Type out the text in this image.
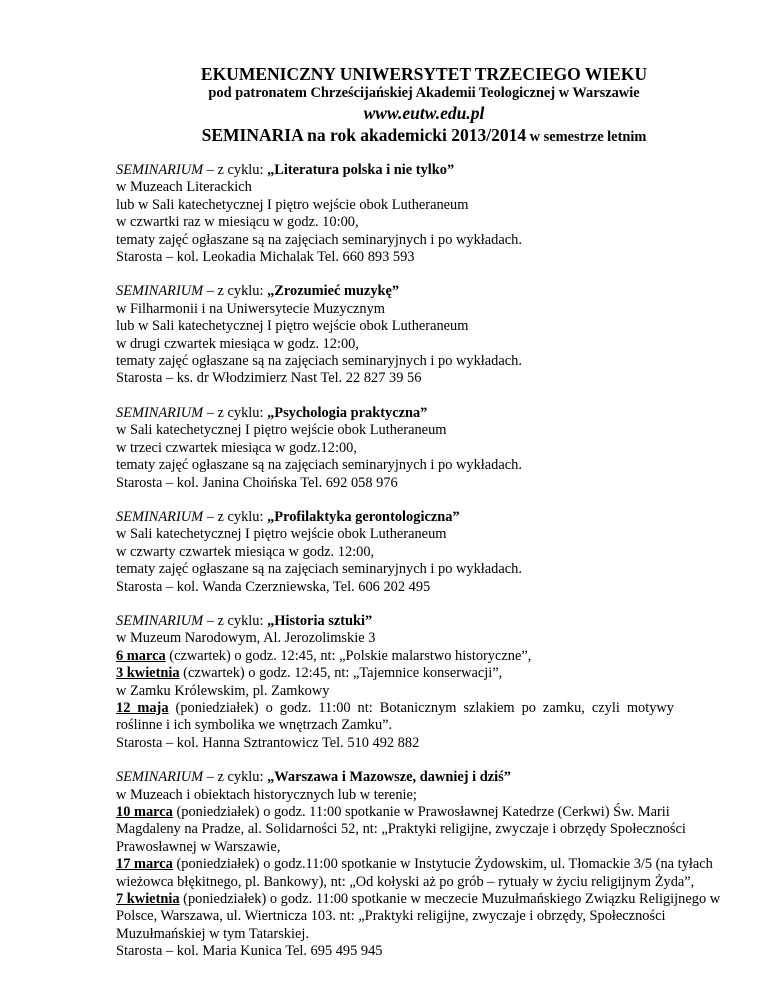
EKUMENICZNY UNIWERSYTET TRZECIEGO WIEKU
pod patronatem Chrześcijańskiej Akademii Teologicznej w Warszawie
www.eutw.edu.pl
SEMINARIA na rok akademicki 2013/2014 w semestrze letnim
SEMINARIUM – z cyklu: „Literatura polska i nie tylko”
w Muzeach Literackich
lub w Sali katechetycznej I piętro wejście obok Lutheraneum
w czwartki raz w miesiącu w godz. 10:00,
tematy zajęć ogłaszane są na zajęciach seminaryjnych i po wykładach.
Starosta – kol. Leokadia Michalak Tel. 660 893 593
SEMINARIUM – z cyklu: „Zrozumieć muzykę”
w Filharmonii i na Uniwersytecie Muzycznym
lub w Sali katechetycznej I piętro wejście obok Lutheraneum
w drugi czwartek miesiąca w godz. 12:00,
tematy zajęć ogłaszane są na zajęciach seminaryjnych i po wykładach.
Starosta – ks. dr Włodzimierz Nast Tel. 22 827 39 56
SEMINARIUM – z cyklu: „Psychologia praktyczna”
w Sali katechetycznej I piętro wejście obok Lutheraneum
w trzeci czwartek miesiąca w godz.12:00,
tematy zajęć ogłaszane są na zajęciach seminaryjnych i po wykładach.
Starosta – kol. Janina Choińska Tel. 692 058 976
SEMINARIUM – z cyklu: „Profilaktyka gerontologiczna”
w Sali katechetycznej I piętro wejście obok Lutheraneum
w czwarty czwartek miesiąca w godz. 12:00,
tematy zajęć ogłaszane są na zajęciach seminaryjnych i po wykładach.
Starosta – kol. Wanda Czerzniewska, Tel. 606 202 495
SEMINARIUM – z cyklu: „Historia sztuki”
w Muzeum Narodowym, Al. Jerozolimskie 3
6 marca (czwartek) o godz. 12:45, nt: „Polskie malarstwo historyczne”,
3 kwietnia (czwartek) o godz. 12:45, nt: „Tajemnice konserwacji”,
w Zamku Królewskim, pl. Zamkowy
12 maja (poniedziałek) o godz. 11:00 nt: Botanicznym szlakiem po zamku, czyli motywy
roślinne i ich symbolika we wnętrzach Zamku”.
Starosta – kol. Hanna Sztrantowicz Tel. 510 492 882
SEMINARIUM – z cyklu: „Warszawa i Mazowsze, dawniej i dziś”
w Muzeach i obiektach historycznych lub w terenie;
10 marca (poniedziałek) o godz. 11:00 spotkanie w Prawosławnej Katedrze (Cerkwi) Św. Marii
Magdaleny na Pradze, al. Solidarności 52, nt: „Praktyki religijne, zwyczaje i obrzędy Społeczności
Prawosławnej w Warszawie,
17 marca (poniedziałek) o godz.11:00 spotkanie w Instytucie Żydowskim, ul. Tłomackie 3/5 (na tyłach
wieżowca błękitnego, pl. Bankowy), nt: „Od kołyski aż po grób – rytuały w życiu religijnym Żyda”,
7 kwietnia (poniedziałek) o godz. 11:00 spotkanie w meczecie Muzułmańskiego Związku Religijnego w
Polsce, Warszawa, ul. Wiertnicza 103. nt: „Praktyki religijne, zwyczaje i obrzędy, Społeczności
Muzułmańskiej w tym Tatarskiej.
Starosta – kol. Maria Kunica Tel. 695 495 945
